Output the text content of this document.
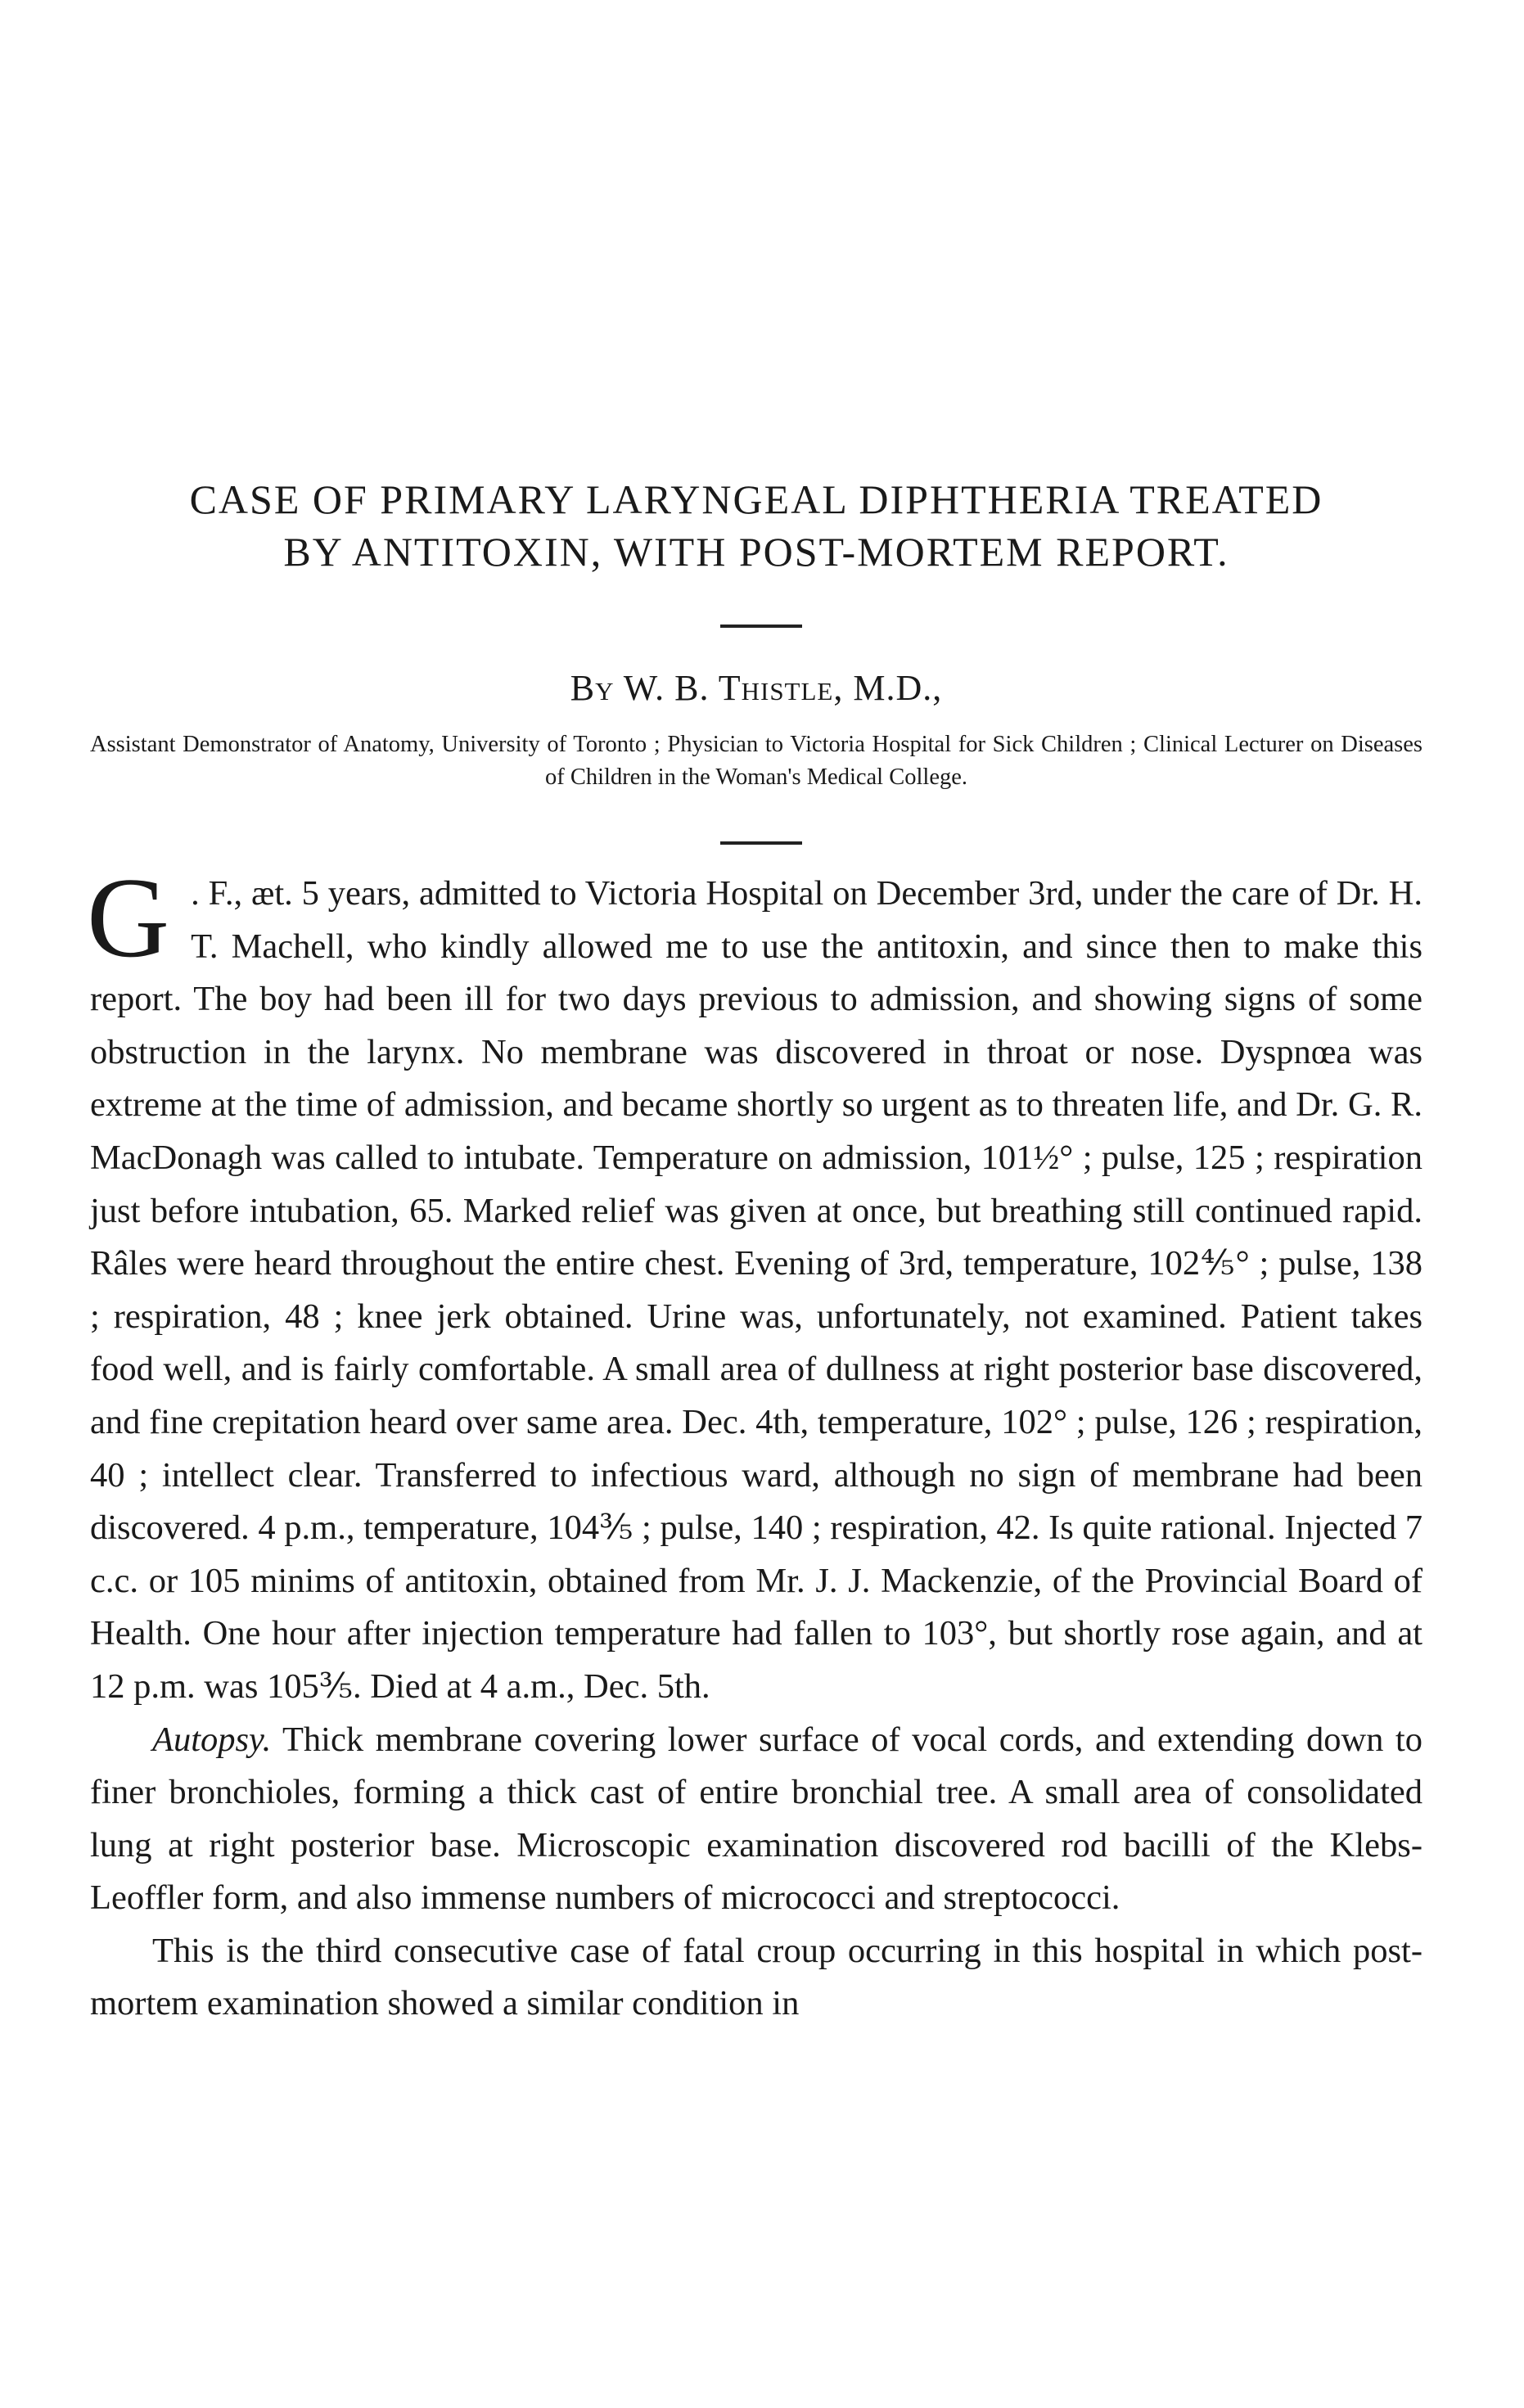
CASE OF PRIMARY LARYNGEAL DIPHTHERIA TREATED
BY ANTITOXIN, WITH POST-MORTEM REPORT.
By W. B. Thistle, M.D.,
Assistant Demonstrator of Anatomy, University of Toronto ; Physician to Victoria Hospital for Sick Children ; Clinical Lecturer on Diseases of Children in the Woman's Medical College.

G . F., æt. 5 years, admitted to Victoria Hospital on December 3rd, under the care of Dr. H. T. Machell, who kindly allowed me to use the antitoxin, and since then to make this report. The boy had been ill for two days previous to admission, and showing signs of some obstruction in the larynx. No membrane was discovered in throat or nose. Dyspnœa was extreme at the time of admission, and became shortly so urgent as to threaten life, and Dr. G. R. MacDonagh was called to intubate. Temperature on admission, 101½° ; pulse, 125 ; respiration just before intubation, 65. Marked relief was given at once, but breathing still continued rapid. Râles were heard throughout the entire chest. Evening of 3rd, temperature, 102⅘° ; pulse, 138 ; respiration, 48 ; knee jerk obtained. Urine was, unfortunately, not examined. Patient takes food well, and is fairly comfortable. A small area of dullness at right posterior base discovered, and fine crepitation heard over same area. Dec. 4th, temperature, 102° ; pulse, 126 ; respiration, 40 ; intellect clear. Transferred to infectious ward, although no sign of membrane had been discovered. 4 p.m., temperature, 104⅗ ; pulse, 140 ; respiration, 42. Is quite rational. Injected 7 c.c. or 105 minims of antitoxin, obtained from Mr. J. J. Mackenzie, of the Provincial Board of Health. One hour after injection temperature had fallen to 103°, but shortly rose again, and at 12 p.m. was 105⅗. Died at 4 a.m., Dec. 5th.

Autopsy. Thick membrane covering lower surface of vocal cords, and extending down to finer bronchioles, forming a thick cast of entire bronchial tree. A small area of consolidated lung at right posterior base. Microscopic examination discovered rod bacilli of the Klebs-Leoffler form, and also immense numbers of micrococci and streptococci.

This is the third consecutive case of fatal croup occurring in this hospital in which post-mortem examination showed a similar condition in
